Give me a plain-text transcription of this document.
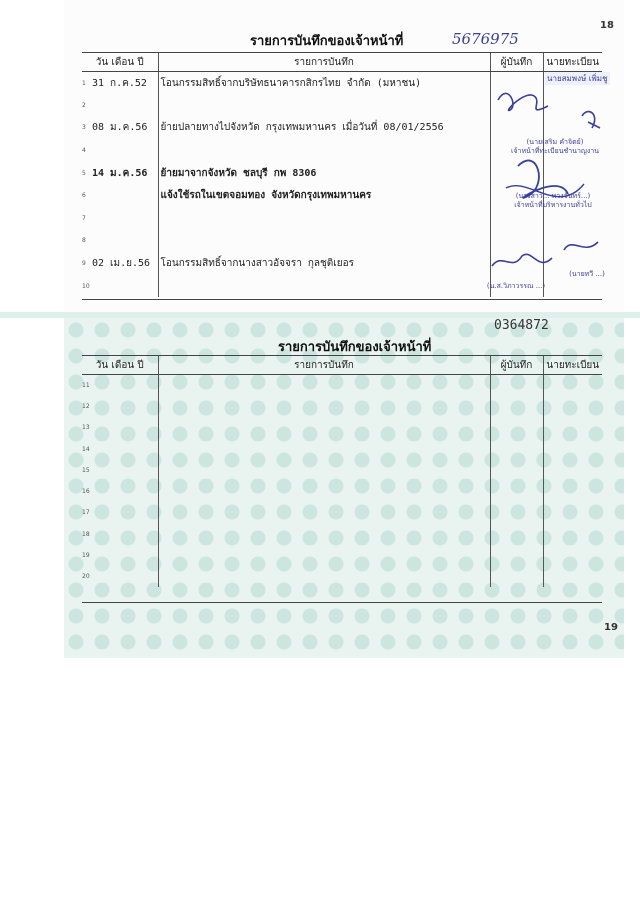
18
รายการบันทึกของเจ้าหน้าที่	5676975
วัน เดือน ปี	รายการบันทึก	ผู้บันทึก	นายทะเบียน
1 31 ก.ค.52	โอนกรรมสิทธิ์จากบริษัทธนาคารกสิกรไทย จำกัด (มหาชน)		
2			
3 08 ม.ค.56	ย้ายปลายทางไปจังหวัด กรุงเทพมหานคร เมื่อวันที่ 08/01/2556		
4			
5 14 ม.ค.56	ย้ายมาจากจังหวัด ชลบุรี กพ 8306		
6	แจ้งใช้รถในเขตจอมทอง จังหวัดกรุงเทพมหานคร		
7			
8			
9 02 เม.ย.56	โอนกรรมสิทธิ์จากนางสาวอัจจรา กุลชุติเยอร		
10			
นายสมพงษ์ เพิ่มชู
(นายเสริม คำจิตย์)
เจ้าหน้าที่ทะเบียนชำนาญงาน
(นางสาว... พวงจันทร์...)
เจ้าหน้าที่บริหารงานทั่วไป
(น.ส.วิภาวรรณ ...)
(นายทวี ...)
0364872
รายการบันทึกของเจ้าหน้าที่
วัน เดือน ปี	รายการบันทึก	ผู้บันทึก	นายทะเบียน
11			
12			
13			
14			
15			
16			
17			
18			
19			
20			
19
